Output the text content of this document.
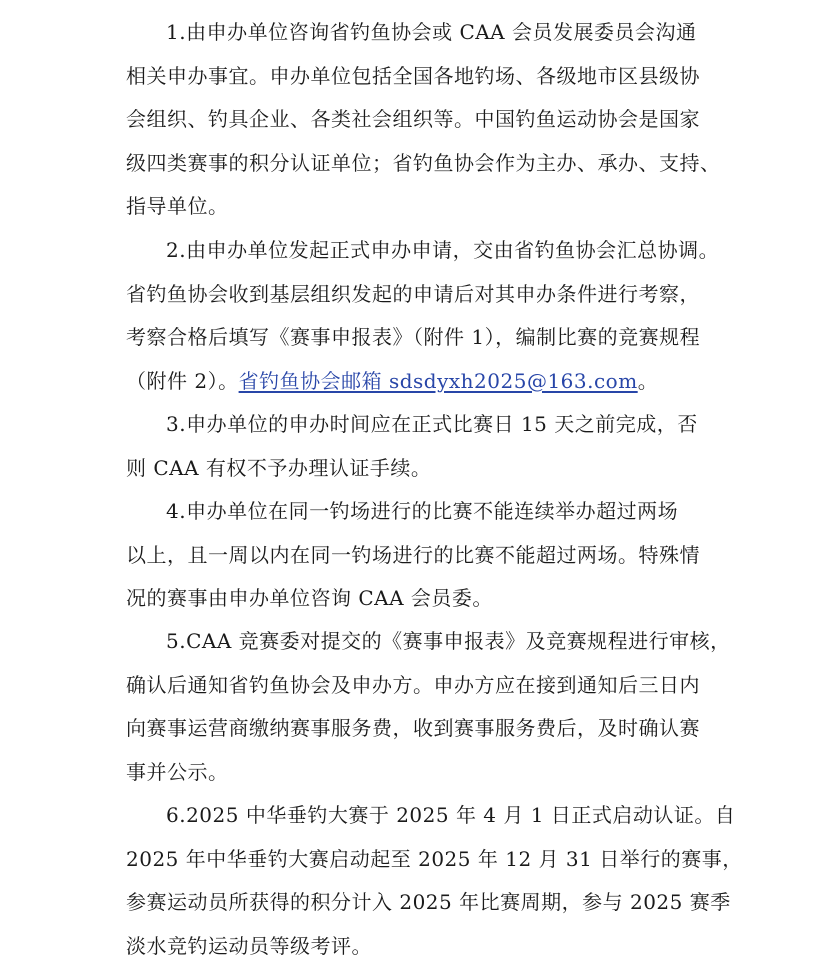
1.由申办单位咨询省钓鱼协会或 CAA 会员发展委员会沟通
相关申办事宜。申办单位包括全国各地钓场、各级地市区县级协
会组织、钓具企业、各类社会组织等。中国钓鱼运动协会是国家
级四类赛事的积分认证单位；省钓鱼协会作为主办、承办、支持、
指导单位。
2.由申办单位发起正式申办申请，交由省钓鱼协会汇总协调。
省钓鱼协会收到基层组织发起的申请后对其申办条件进行考察，
考察合格后填写《赛事申报表》（附件 1），编制比赛的竞赛规程
（附件 2）。省钓鱼协会邮箱 sdsdyxh2025@163.com。
3.申办单位的申办时间应在正式比赛日 15 天之前完成，否
则 CAA 有权不予办理认证手续。
4.申办单位在同一钓场进行的比赛不能连续举办超过两场
以上，且一周以内在同一钓场进行的比赛不能超过两场。特殊情
况的赛事由申办单位咨询 CAA 会员委。
5.CAA 竞赛委对提交的《赛事申报表》及竞赛规程进行审核，
确认后通知省钓鱼协会及申办方。申办方应在接到通知后三日内
向赛事运营商缴纳赛事服务费，收到赛事服务费后，及时确认赛
事并公示。
6.2025 中华垂钓大赛于 2025 年 4 月 1 日正式启动认证。自
2025 年中华垂钓大赛启动起至 2025 年 12 月 31 日举行的赛事，
参赛运动员所获得的积分计入 2025 年比赛周期，参与 2025 赛季
淡水竞钓运动员等级考评。
